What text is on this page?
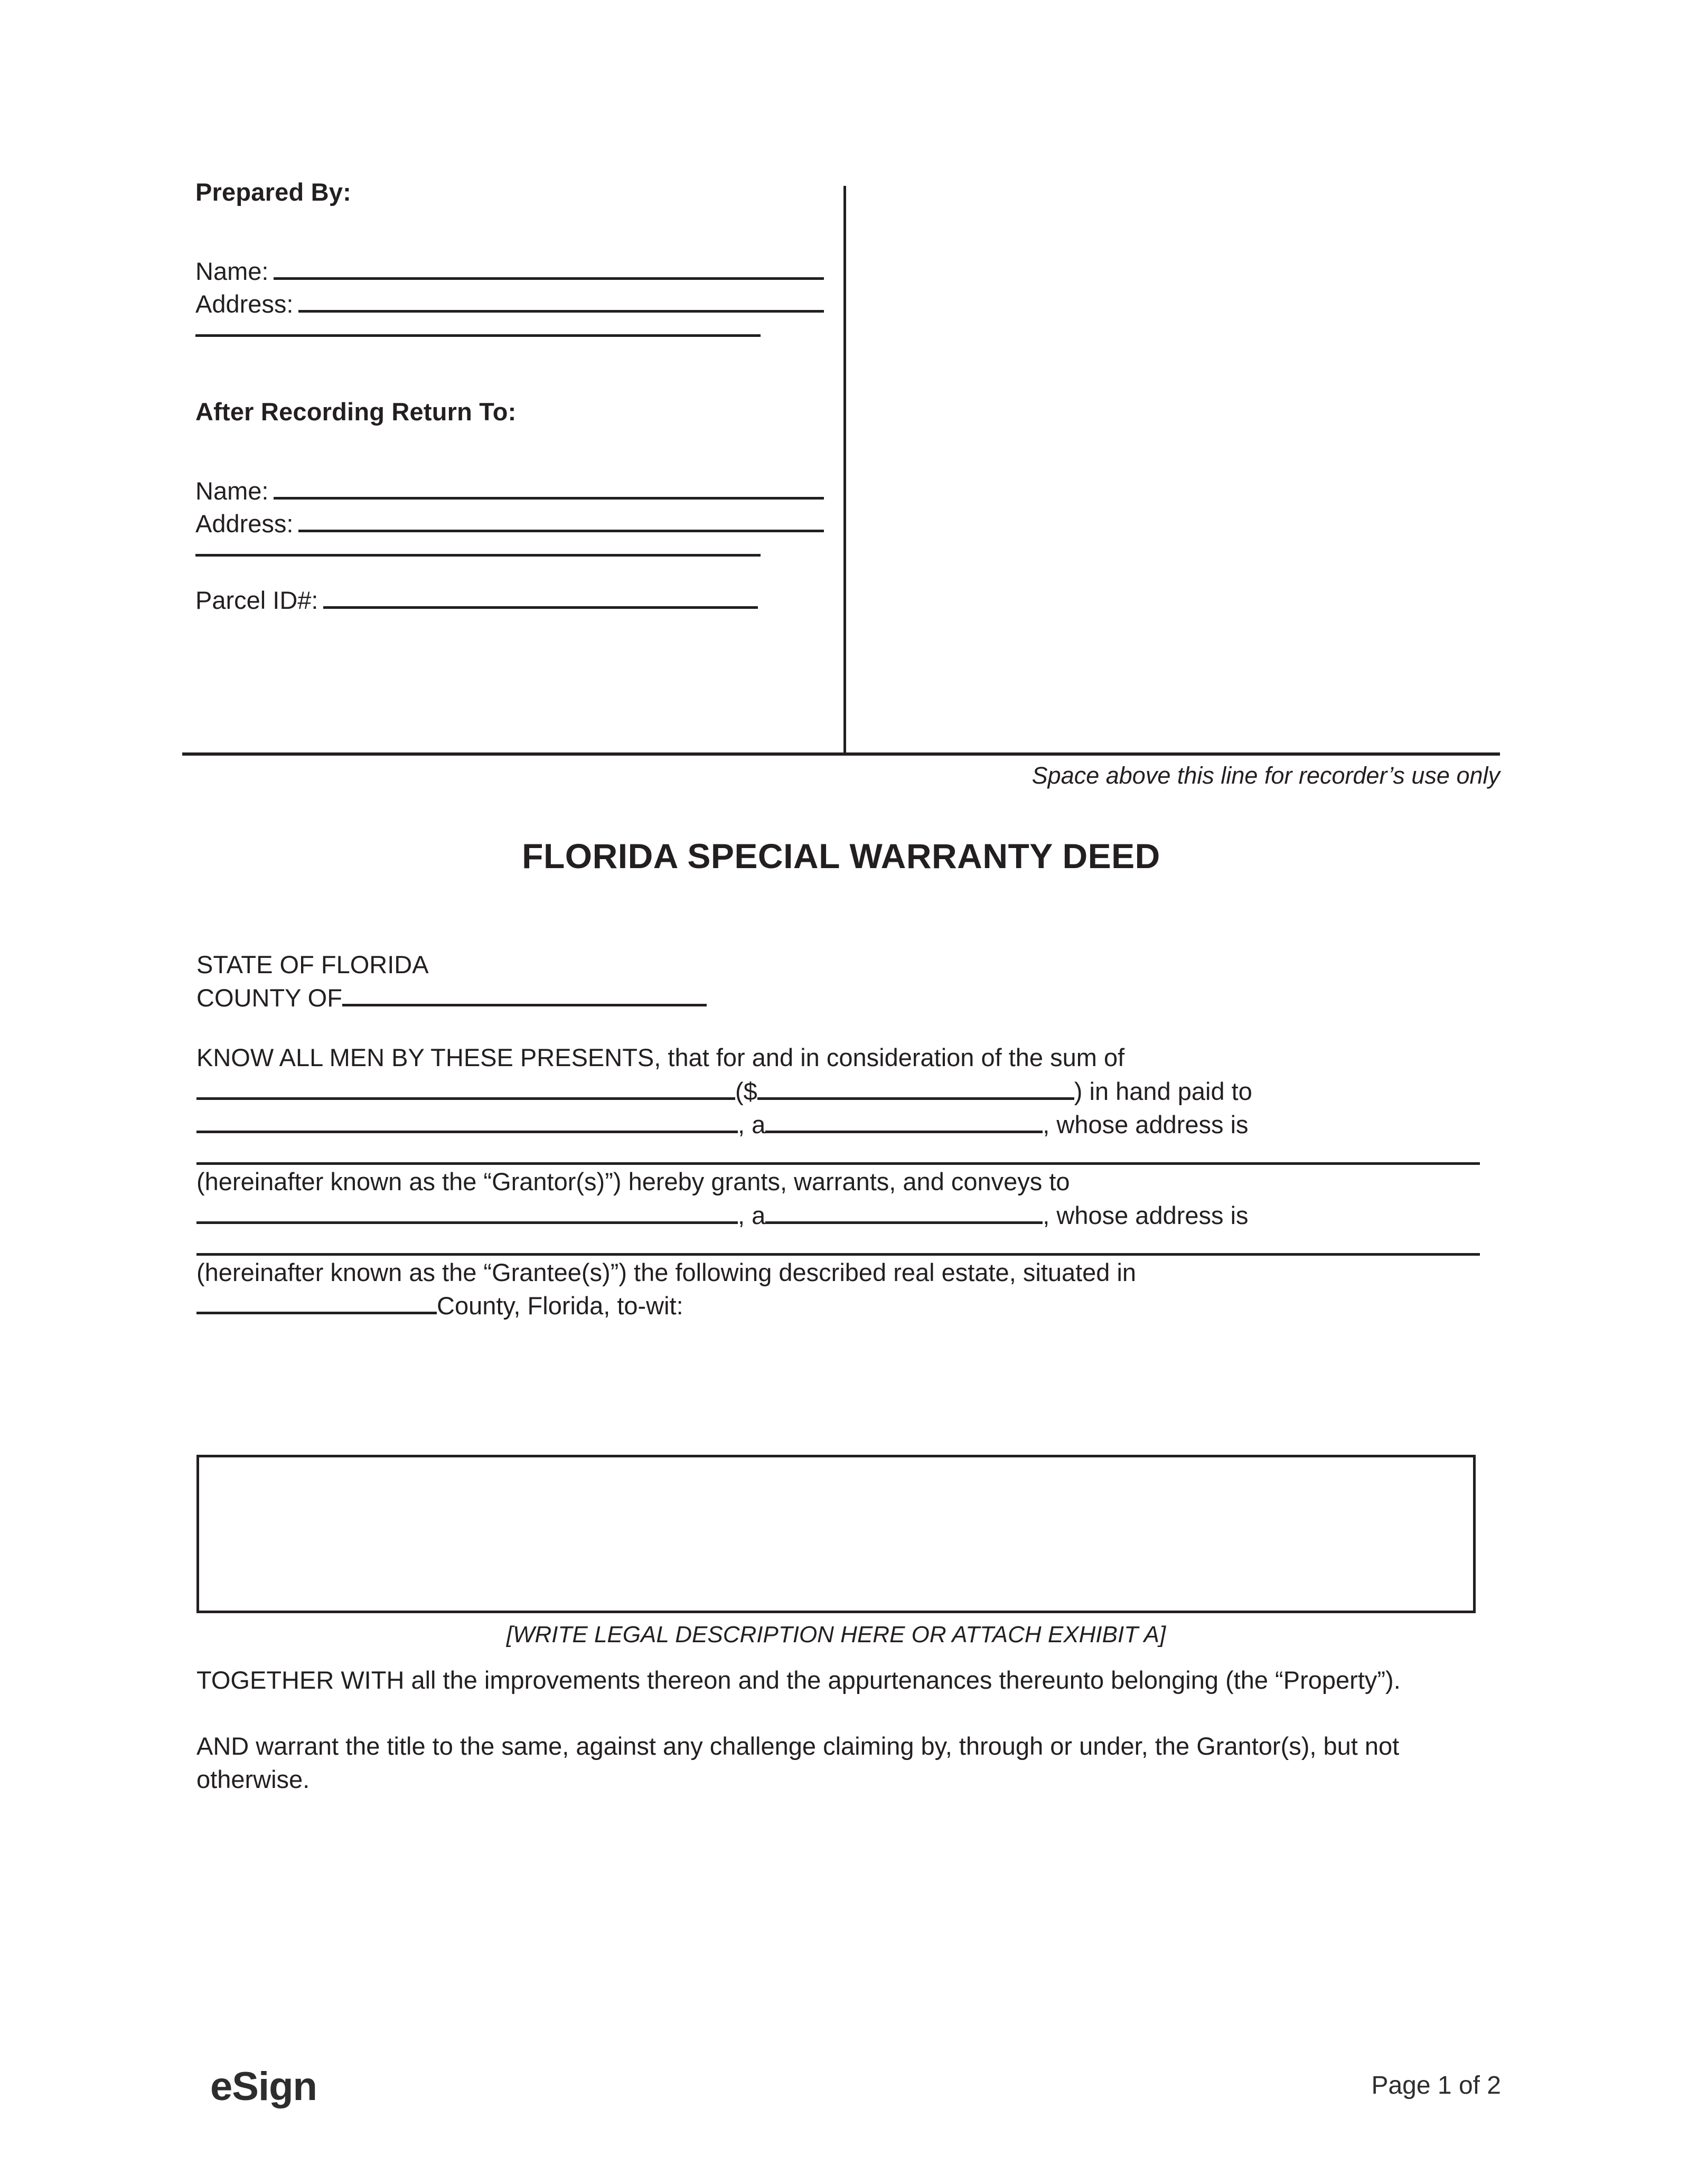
Prepared By:
Name:
Address:
After Recording Return To:
Name:
Address:
Parcel ID#:
Space above this line for recorder’s use only
FLORIDA SPECIAL WARRANTY DEED
STATE OF FLORIDA
COUNTY OF
KNOW ALL MEN BY THESE PRESENTS, that for and in consideration of the sum of
($	) in hand paid to
, a	, whose address is
(hereinafter known as the “Grantor(s)”) hereby grants, warrants, and conveys to
, a	, whose address is
(hereinafter known as the “Grantee(s)”) the following described real estate, situated in
County, Florida, to-wit:
[WRITE LEGAL DESCRIPTION HERE OR ATTACH EXHIBIT A]

TOGETHER WITH all the improvements thereon and the appurtenances thereunto belonging (the “Property”).

AND warrant the title to the same, against any challenge claiming by, through or under, the Grantor(s), but not otherwise.

eSign	Page 1 of 2
